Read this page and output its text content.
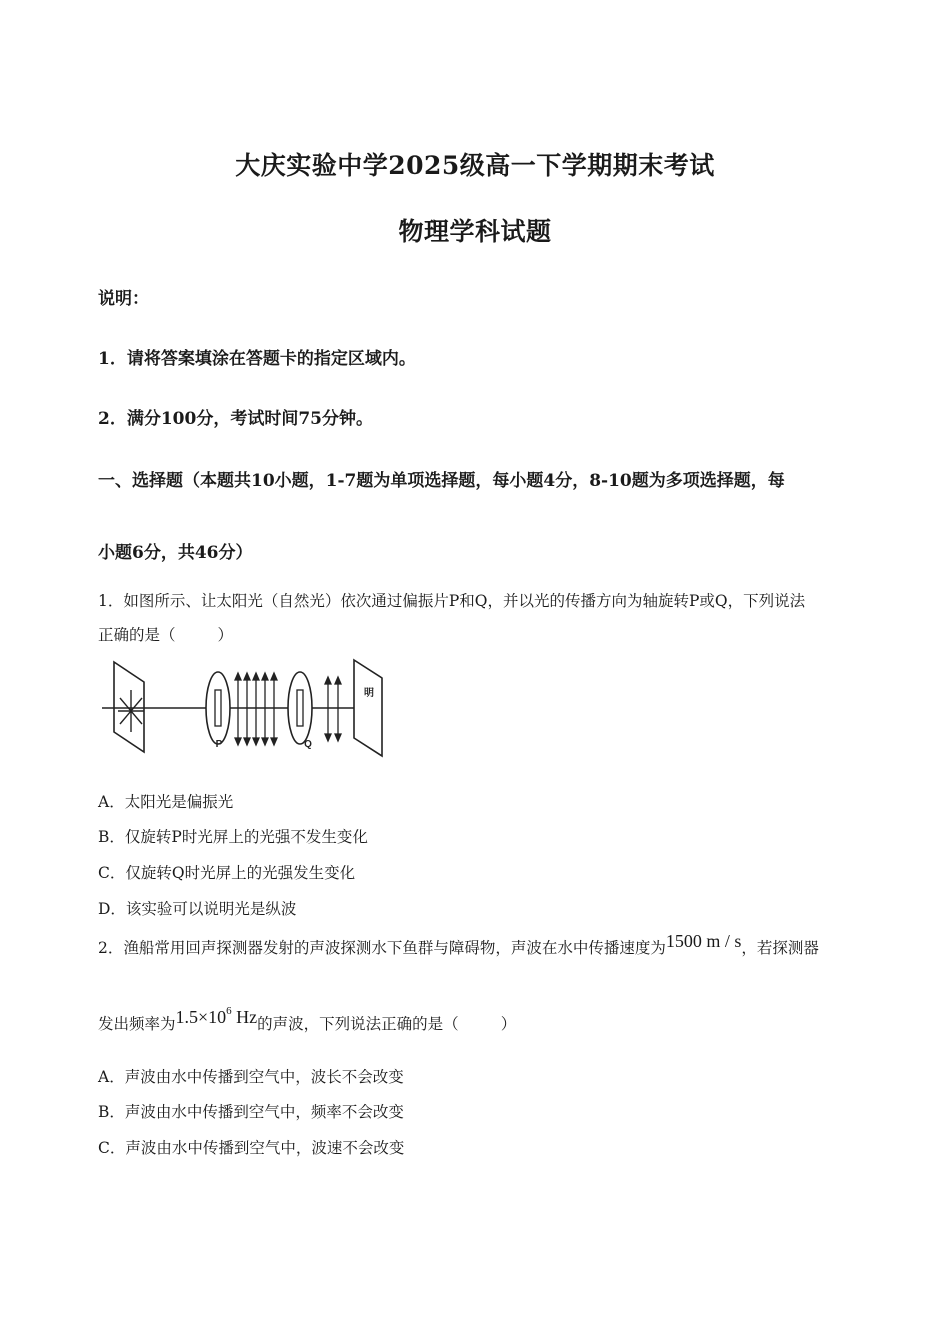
大庆实验中学2025级高一下学期期末考试
物理学科试题
说明：
1．请将答案填涂在答题卡的指定区域内。
2．满分100分，考试时间75分钟。
一、选择题（本题共10小题，1-7题为单项选择题，每小题4分，8-10题为多项选择题，每
小题6分，共46分）
1．如图所示、让太阳光（自然光）依次通过偏振片P和Q，并以光的传播方向为轴旋转P或Q，下列说法
正确的是（	）
P	Q
明
A．太阳光是偏振光
B．仅旋转P时光屏上的光强不发生变化
C．仅旋转Q时光屏上的光强发生变化
D．该实验可以说明光是纵波
2．渔船常用回声探测器发射的声波探测水下鱼群与障碍物，声波在水中传播速度为1500 m / s，若探测器
发出频率为$1.5\times 10^6$ Hz的声波，下列说法正确的是（	）
A．声波由水中传播到空气中，波长不会改变
B．声波由水中传播到空气中，频率不会改变
C．声波由水中传播到空气中，波速不会改变
